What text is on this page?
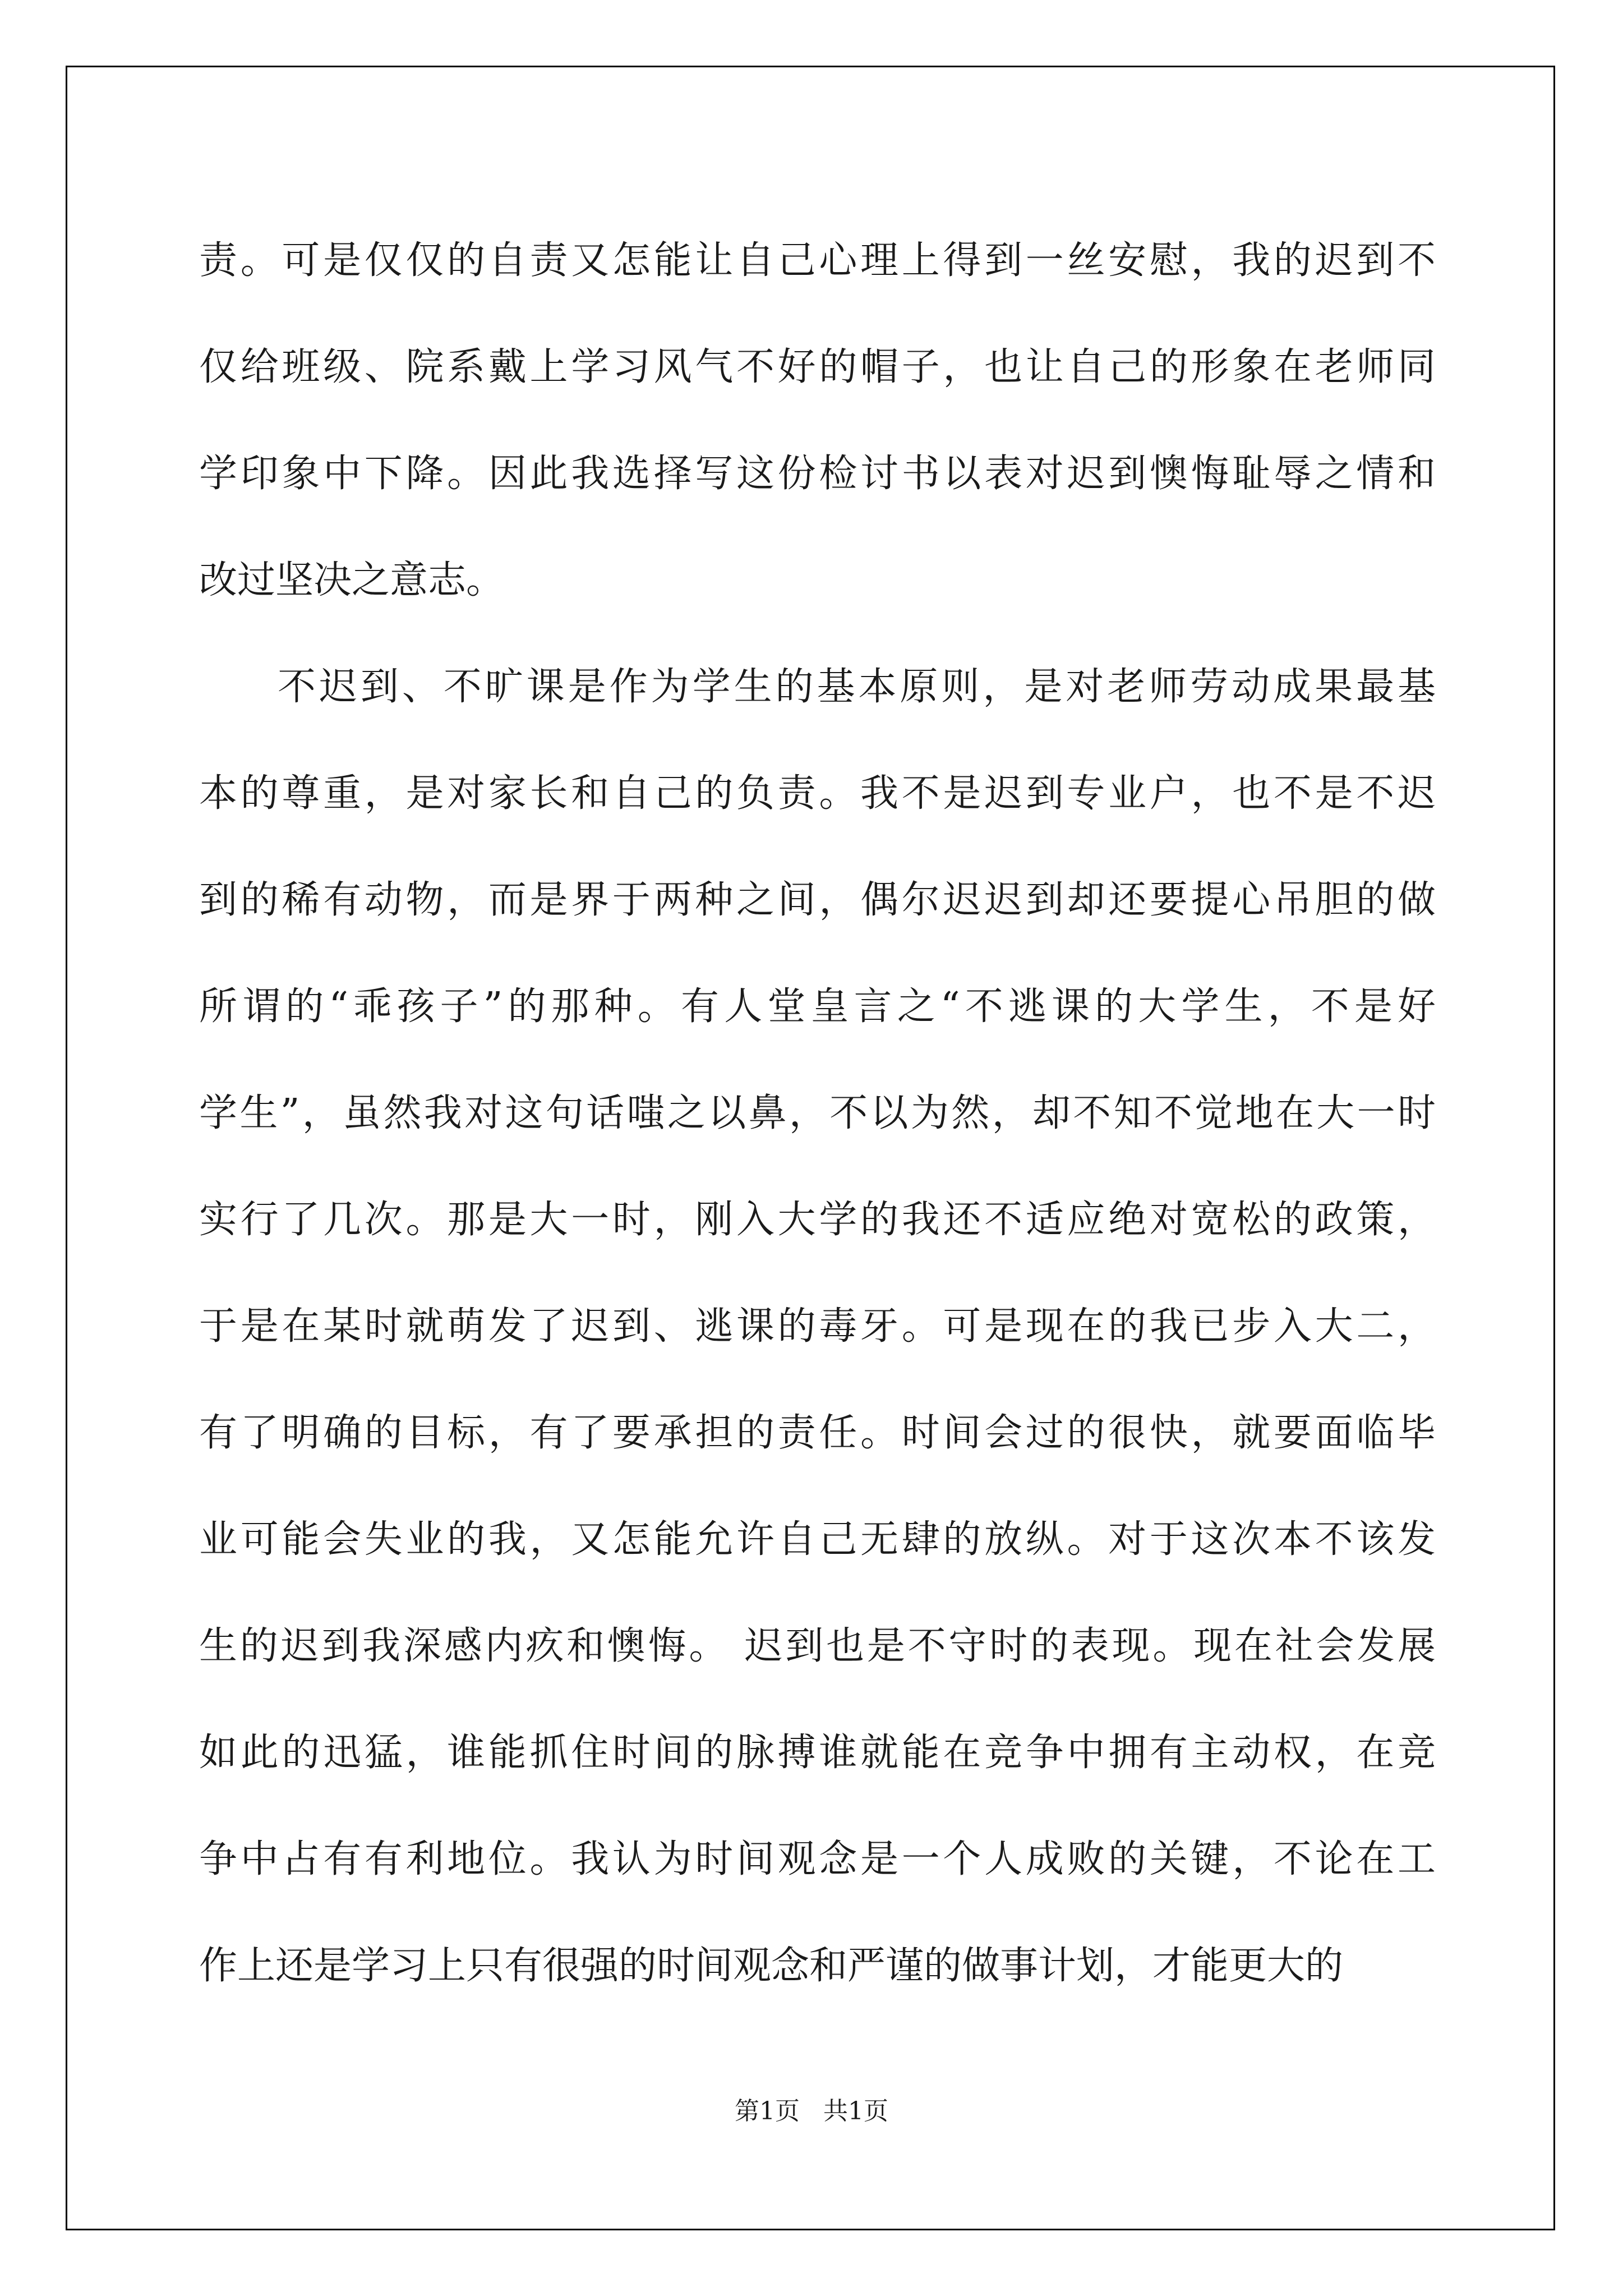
责。可是仅仅的自责又怎能让自己心理上得到一丝安慰，我的迟到不
仅给班级、院系戴上学习风气不好的帽子，也让自己的形象在老师同
学印象中下降。因此我选择写这份检讨书以表对迟到懊悔耻辱之情和
改过坚决之意志。
不迟到、不旷课是作为学生的基本原则，是对老师劳动成果最基
本的尊重，是对家长和自己的负责。我不是迟到专业户，也不是不迟
到的稀有动物，而是界于两种之间，偶尔迟迟到却还要提心吊胆的做
所谓的“乖孩子”的那种。有人堂皇言之“不逃课的大学生，不是好
学生”，虽然我对这句话嗤之以鼻，不以为然，却不知不觉地在大一时
实行了几次。那是大一时，刚入大学的我还不适应绝对宽松的政策，
于是在某时就萌发了迟到、逃课的毒牙。可是现在的我已步入大二，
有了明确的目标，有了要承担的责任。时间会过的很快，就要面临毕
业可能会失业的我，又怎能允许自己无肆的放纵。对于这次本不该发
生的迟到我深感内疚和懊悔。 迟到也是不守时的表现。现在社会发展
如此的迅猛，谁能抓住时间的脉搏谁就能在竞争中拥有主动权，在竞
争中占有有利地位。我认为时间观念是一个人成败的关键，不论在工
作上还是学习上只有很强的时间观念和严谨的做事计划，才能更大的
第1页 共1页
